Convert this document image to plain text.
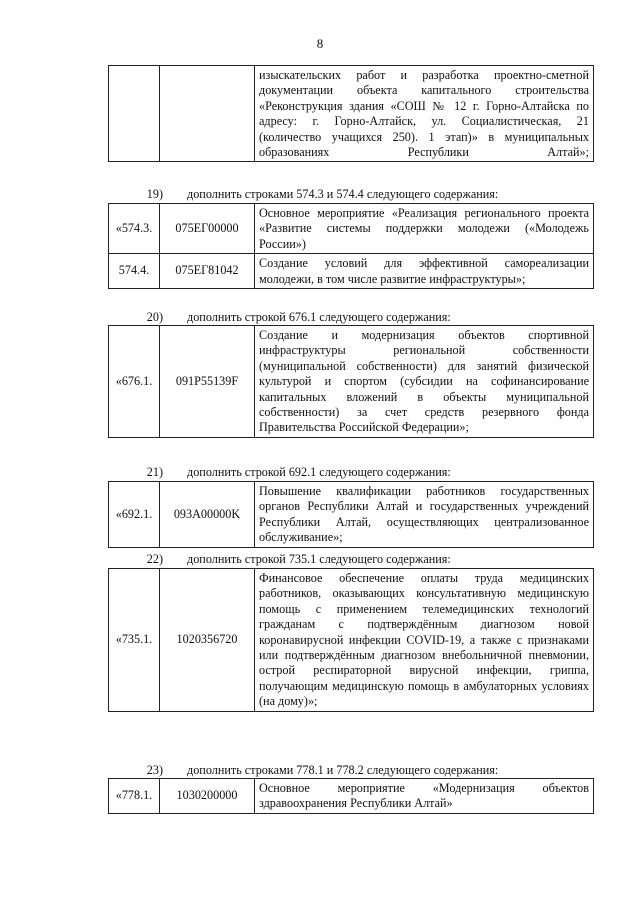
8
		изыскательских работ и разработка проектно-сметной документации объекта капитального строительства «Реконструкция здания «СОШ № 12 г. Горно-Алтайска по адресу: г. Горно-Алтайск, ул. Социалистическая, 21 (количество учащихся 250). 1 этап)» в муниципальных образованиях Республики Алтай»;
19) дополнить строками 574.3 и 574.4 следующего содержания:
«574.3.	075ЕГ00000	Основное мероприятие «Реализация регионального проекта «Развитие системы поддержки молодежи («Молодежь России»)
574.4.	075ЕГ81042	Создание условий для эффективной самореализации молодежи, в том числе развитие инфраструктуры»;
20) дополнить строкой 676.1 следующего содержания:
«676.1.	091P55139F	Создание и модернизация объектов спортивной инфраструктуры региональной собственности (муниципальной собственности) для занятий физической культурой и спортом (субсидии на софинансирование капитальных вложений в объекты муниципальной собственности) за счет средств резервного фонда Правительства Российской Федерации»;
21) дополнить строкой 692.1 следующего содержания:
«692.1.	093A00000K	Повышение квалификации работников государственных органов Республики Алтай и государственных учреждений Республики Алтай, осуществляющих централизованное обслуживание»;
22) дополнить строкой 735.1 следующего содержания:
«735.1.	1020356720	Финансовое обеспечение оплаты труда медицинских работников, оказывающих консультативную медицинскую помощь с применением телемедицинских технологий гражданам с подтверждённым диагнозом новой коронавирусной инфекции COVID-19, а также с признаками или подтверждённым диагнозом внебольничной пневмонии, острой респираторной вирусной инфекции, гриппа, получающим медицинскую помощь в амбулаторных условиях (на дому)»;
23) дополнить строками 778.1 и 778.2 следующего содержания:
«778.1.	1030200000	Основное мероприятие «Модернизация объектов здравоохранения Республики Алтай»
